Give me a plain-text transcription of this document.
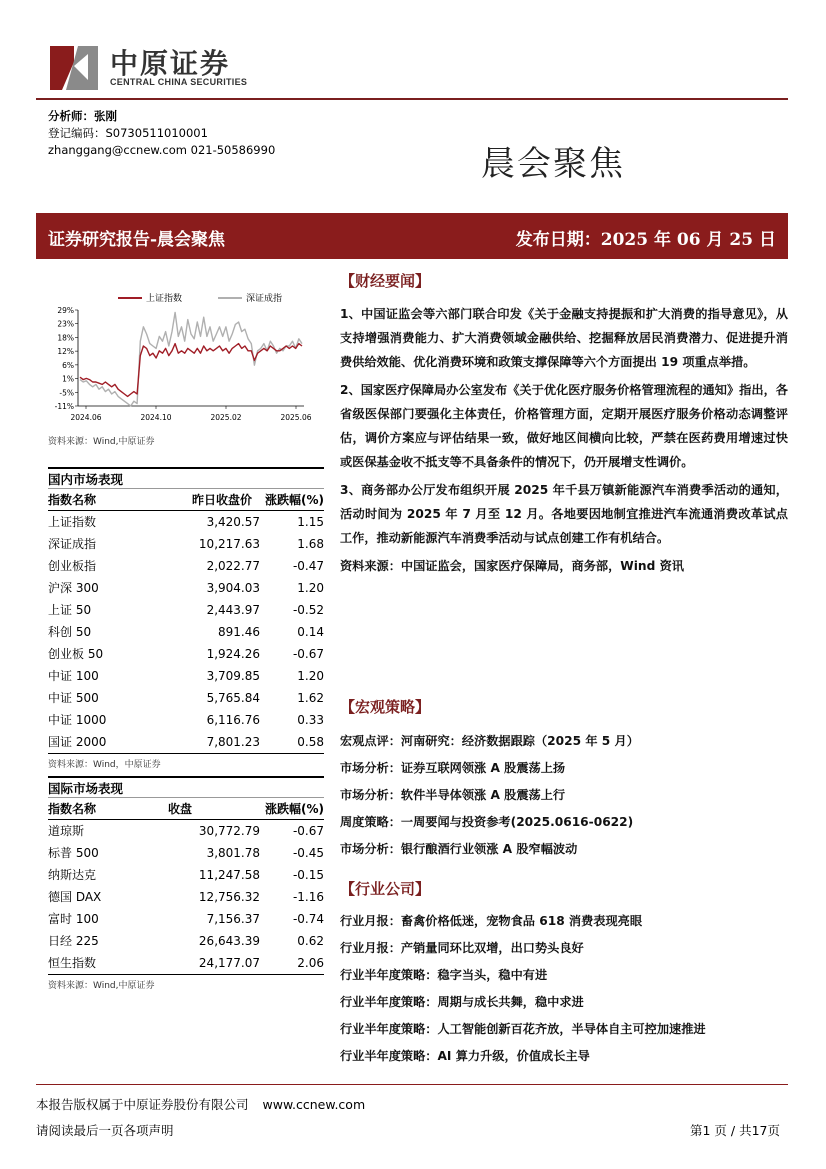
中原证券
CENTRAL CHINA SECURITIES
分析师：张刚
登记编码：S0730511010001
zhanggang@ccnew.com 021-50586990	晨会聚焦
证券研究报告-晨会聚焦	发布日期：2025 年 06 月 25 日
29%
23%
18%
12%
6%
1%
-5%
-11%
2024.06	2024.10	2025.02	2025.06
上证指数	深证成指
资料来源：Wind,中原证券
国内市场表现
指数名称	昨日收盘价	涨跌幅(%)
上证指数	3,420.57	1.15
深证成指	10,217.63	1.68
创业板指	2,022.77	-0.47
沪深 300	3,904.03	1.20
上证 50	2,443.97	-0.52
科创 50	891.46	0.14
创业板 50	1,924.26	-0.67
中证 100	3,709.85	1.20
中证 500	5,765.84	1.62
中证 1000	6,116.76	0.33
国证 2000	7,801.23	0.58
资料来源：Wind，中原证券
国际市场表现
指数名称	收盘	涨跌幅(%)
道琼斯	30,772.79	-0.67
标普 500	3,801.78	-0.45
纳斯达克	11,247.58	-0.15
德国 DAX	12,756.32	-1.16
富时 100	7,156.37	-0.74
日经 225	26,643.39	0.62
恒生指数	24,177.07	2.06
资料来源：Wind,中原证券
【财经要闻】
1、中国证监会等六部门联合印发《关于金融支持提振和扩大消费的指导意见》，从支持增强消费能力、扩大消费领域金融供给、挖掘释放居民消费潜力、促进提升消费供给效能、优化消费环境和政策支撑保障等六个方面提出 19 项重点举措。
2、国家医疗保障局办公室发布《关于优化医疗服务价格管理流程的通知》指出，各省级医保部门要强化主体责任，价格管理方面，定期开展医疗服务价格动态调整评估，调价方案应与评估结果一致，做好地区间横向比较，严禁在医药费用增速过快或医保基金收不抵支等不具备条件的情况下，仍开展增支性调价。
3、商务部办公厅发布组织开展 2025 年千县万镇新能源汽车消费季活动的通知，活动时间为 2025 年 7 月至 12 月。各地要因地制宜推进汽车流通消费改革试点工作，推动新能源汽车消费季活动与试点创建工作有机结合。
资料来源：中国证监会，国家医疗保障局，商务部，Wind 资讯
【宏观策略】
宏观点评：河南研究：经济数据跟踪（2025 年 5 月）
市场分析：证券互联网领涨 A 股震荡上扬
市场分析：软件半导体领涨 A 股震荡上行
周度策略：一周要闻与投资参考(2025.0616-0622)
市场分析：银行酿酒行业领涨 A 股窄幅波动
【行业公司】
行业月报：畜禽价格低迷，宠物食品 618 消费表现亮眼
行业月报：产销量同环比双增，出口势头良好
行业半年度策略：稳字当头，稳中有进
行业半年度策略：周期与成长共舞，稳中求进
行业半年度策略：人工智能创新百花齐放，半导体自主可控加速推进
行业半年度策略：AI 算力升级，价值成长主导
本报告版权属于中原证券股份有限公司 www.ccnew.com
请阅读最后一页各项声明	第1 页 / 共17页
